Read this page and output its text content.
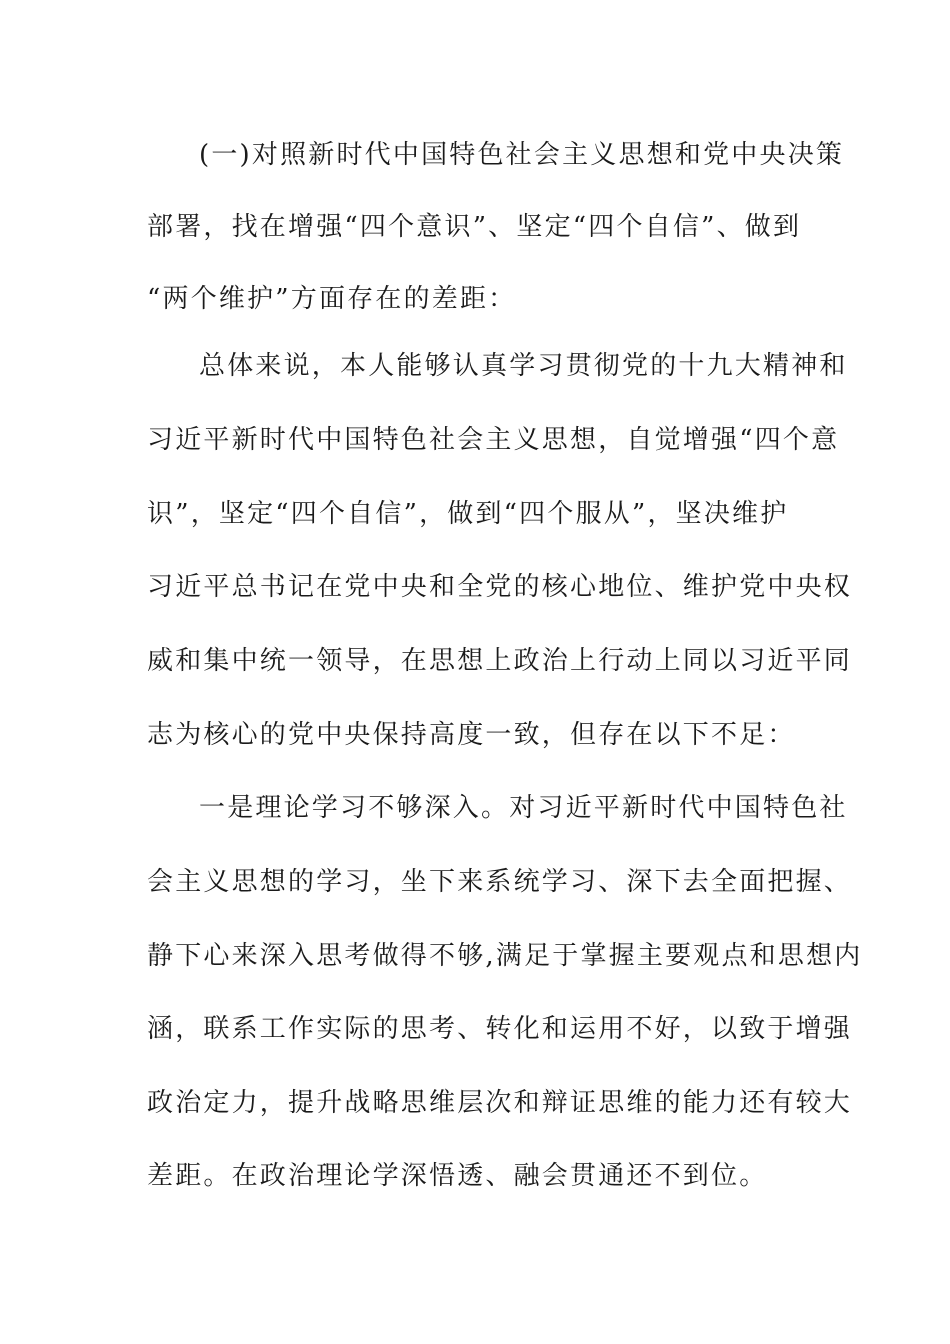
(一)对照新时代中国特色社会主义思想和党中央决策
部署，找在增强“四个意识”、坚定“四个自信”、做到
“两个维护”方面存在的差距：
总体来说，本人能够认真学习贯彻党的十九大精神和
习近平新时代中国特色社会主义思想，自觉增强“四个意
识”，坚定“四个自信”，做到“四个服从”，坚决维护
习近平总书记在党中央和全党的核心地位、维护党中央权
威和集中统一领导，在思想上政治上行动上同以习近平同
志为核心的党中央保持高度一致，但存在以下不足：
一是理论学习不够深入。对习近平新时代中国特色社
会主义思想的学习，坐下来系统学习、深下去全面把握、
静下心来深入思考做得不够,满足于掌握主要观点和思想内
涵，联系工作实际的思考、转化和运用不好，以致于增强
政治定力，提升战略思维层次和辩证思维的能力还有较大
差距。在政治理论学深悟透、融会贯通还不到位。
